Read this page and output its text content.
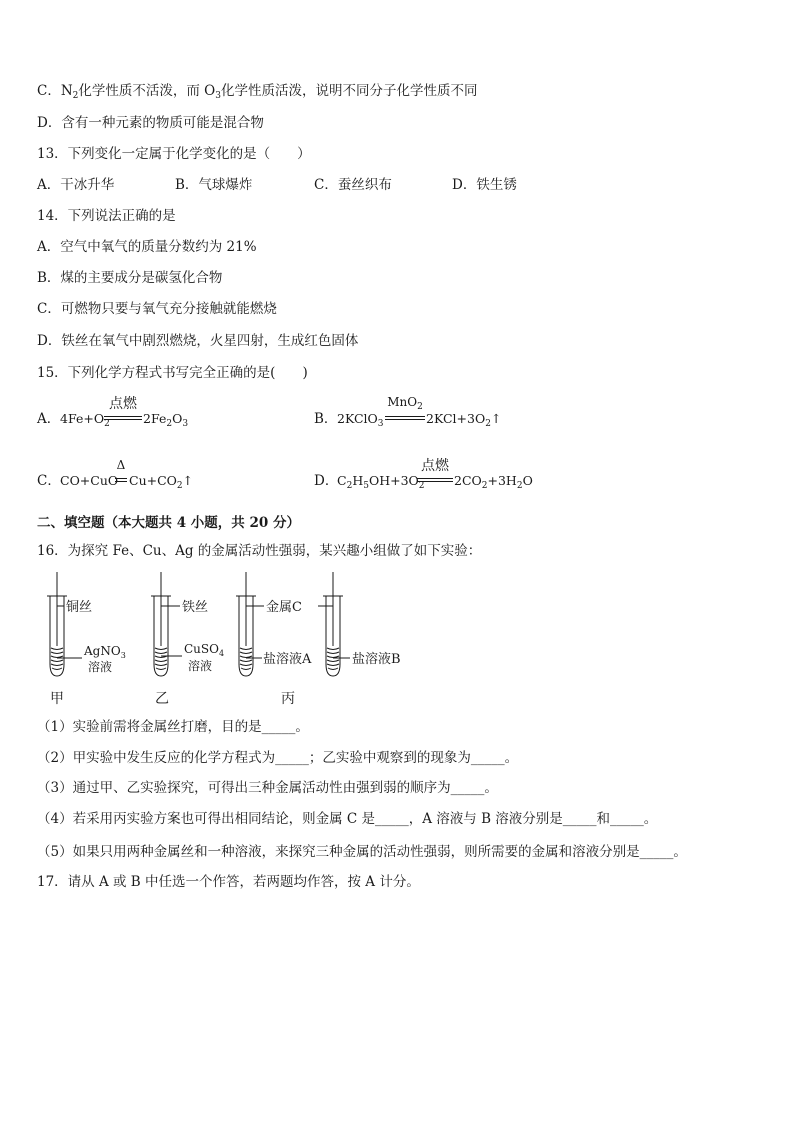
C．$N_2$化学性质不活泼，而 $O_3$化学性质活泼，说明不同分子化学性质不同
D．含有一种元素的物质可能是混合物
13．下列变化一定属于化学变化的是（　　）
A．干冰升华	B．气球爆炸	C．蚕丝织布	D．铁生锈
14．下列说法正确的是
A．空气中氧气的质量分数约为 21%
B．煤的主要成分是碳氢化合物
C．可燃物只要与氧气充分接触就能燃烧
D．铁丝在氧气中剧烈燃烧，火星四射，生成红色固体
15．下列化学方程式书写完全正确的是(　　)
A． $4Fe+O_2$
点燃
$2Fe_2O_3$	B． 2KClO$_3$
MnO$_2$
$2KCl+3O_2↑$
C． CO+CuO
Δ
$Cu+CO_2↑$	D．
$C_2H_5OH+3O_2$
点燃
$2CO_2+3H_2O$
二、填空题（本大题共 4 小题，共 20 分）
16．为探究 Fe、Cu、Ag 的金属活动性强弱，某兴趣小组做了如下实验：
铜丝
AgNO$_3$
溶液
铁丝
CuSO$_4$
溶液
金属C
盐溶液A	盐溶液B
甲	乙	丙
（1）实验前需将金属丝打磨，目的是_____。
（2）甲实验中发生反应的化学方程式为_____；乙实验中观察到的现象为_____。
（3）通过甲、乙实验探究，可得出三种金属活动性由强到弱的顺序为_____。
（4）若采用丙实验方案也可得出相同结论，则金属 C 是_____，A 溶液与 B 溶液分别是_____和_____。
（5）如果只用两种金属丝和一种溶液，来探究三种金属的活动性强弱，则所需要的金属和溶液分别是_____。
17．请从 A 或 B 中任选一个作答，若两题均作答，按 A 计分。
